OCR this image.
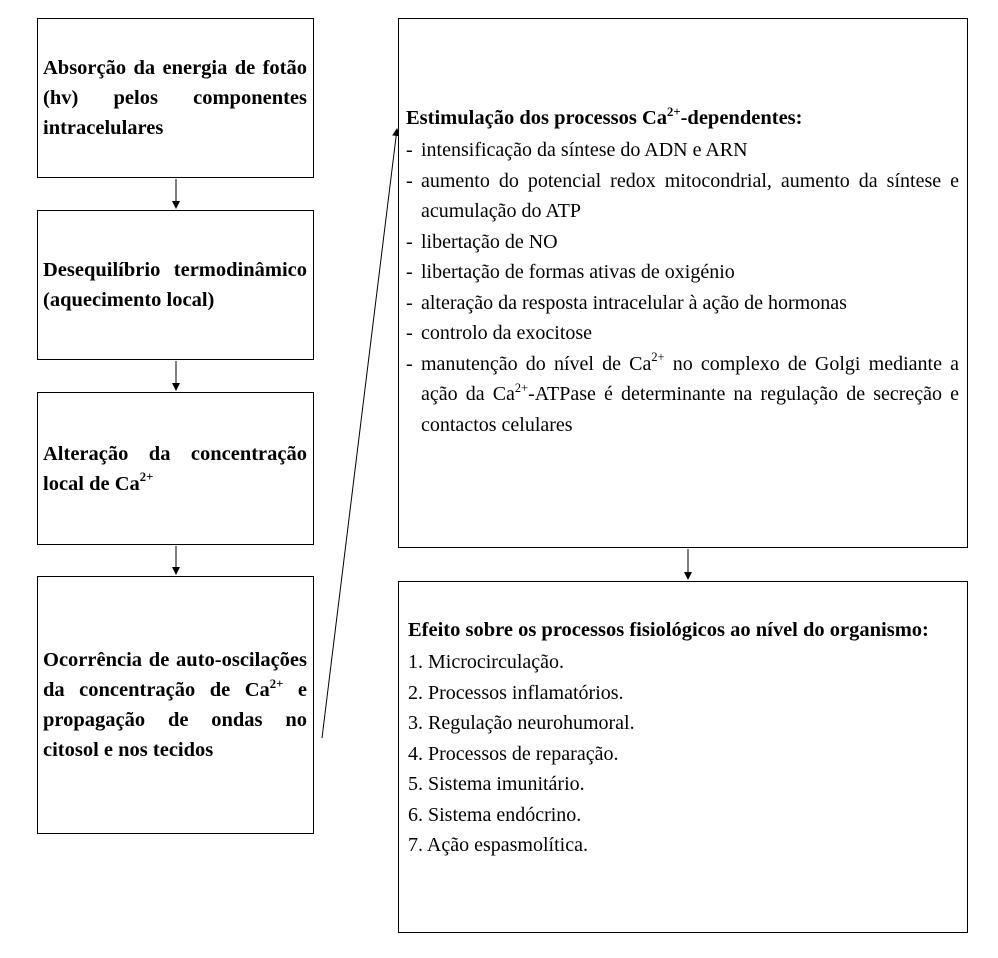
Absorção da energia de fotão (hv) pelos componentes intracelulares
Desequilíbrio termodinâmico (aquecimento local)
Alteração da concentração local de $Ca^{2+}$
Ocorrência de auto-oscilações da concentração de $Ca^{2+}$ e propagação de ondas no citosol e nos tecidos
Estimulação dos processos $Ca^{2+}$-dependentes:
- intensificação da síntese do ADN e ARN
- aumento do potencial redox mitocondrial, aumento da síntese e acumulação do ATP
- libertação de NO
- libertação de formas ativas de oxigénio
- alteração da resposta intracelular à ação de hormonas
- controlo da exocitose
- manutenção do nível de $Ca^{2+}$ no complexo de Golgi mediante a ação da $Ca^{2+}$-ATPase é determinante na regulação de secreção e contactos celulares
Efeito sobre os processos fisiológicos ao nível do organismo:
1. Microcirculação.
2. Processos inflamatórios.
3. Regulação neurohumoral.
4. Processos de reparação.
5. Sistema imunitário.
6. Sistema endócrino.
7. Ação espasmolítica.
